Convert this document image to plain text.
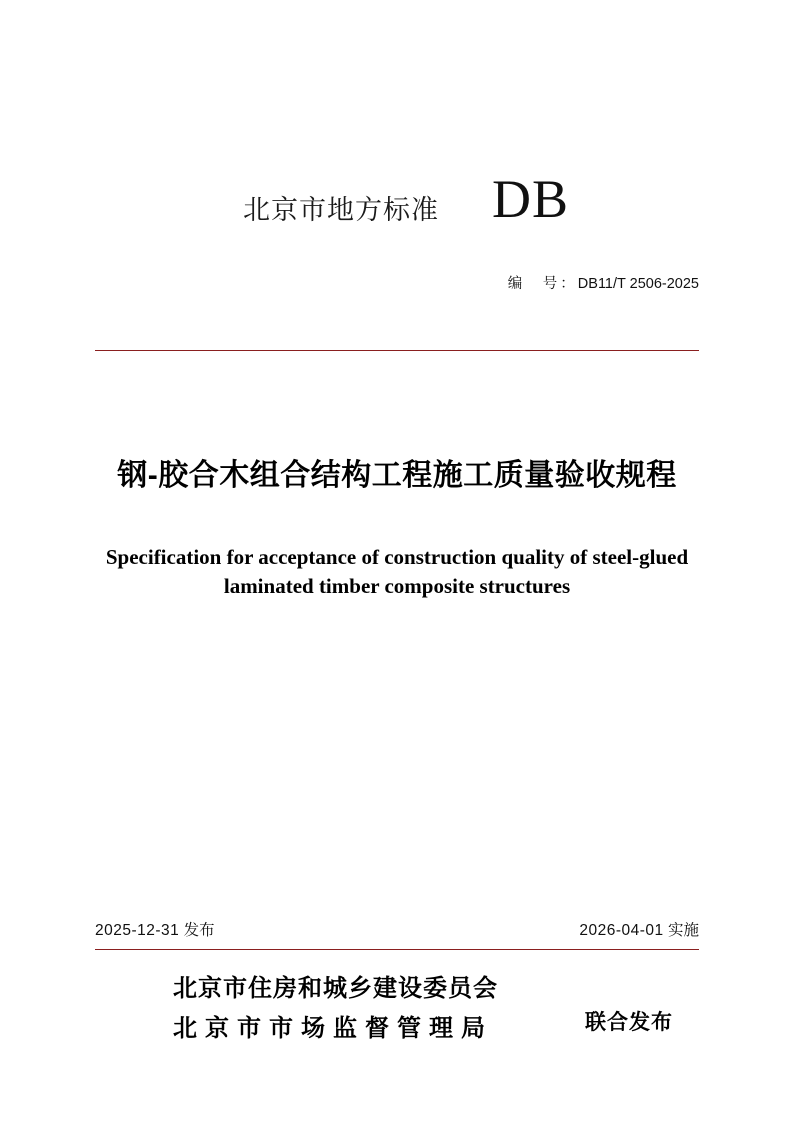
北京市地方标准 DB
编　号：DB11/T 2506-2025
钢-胶合木组合结构工程施工质量验收规程
Specification for acceptance of construction quality of steel-glued laminated timber composite structures
2025-12-31 发布	2026-04-01 实施
北京市住房和城乡建设委员会
北京市市场监督管理局	联合发布
